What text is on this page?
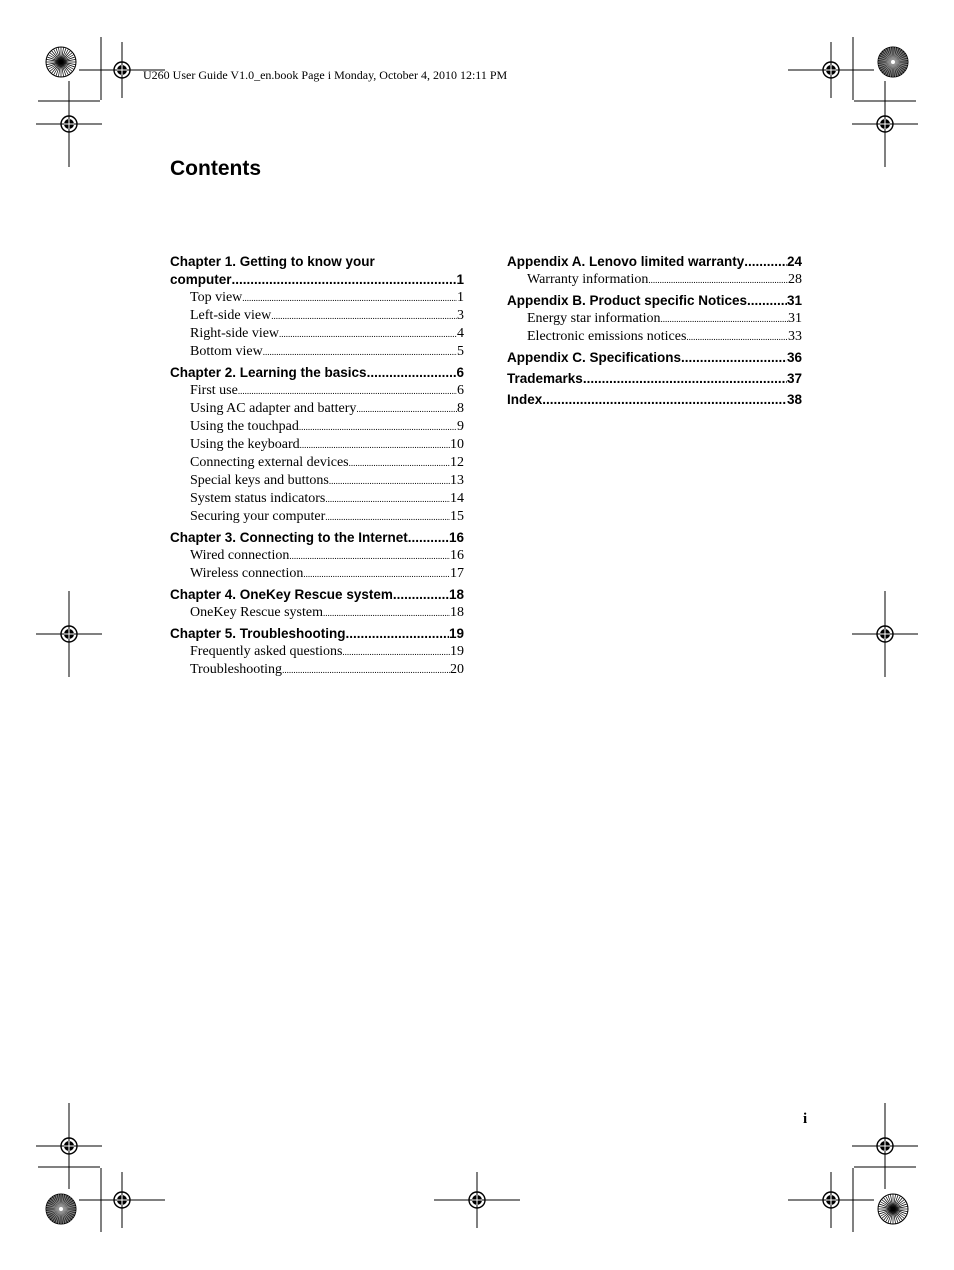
U260 User Guide V1.0_en.book Page i Monday, October 4, 2010 12:11 PM
Contents
Chapter 1. Getting to know your
computer .....	1
Top view .....	1
Left-side view .....	3
Right-side view .....	4
Bottom view .....	5
Chapter 2. Learning the basics .....	6
First use .....	6
Using AC adapter and battery .....	8
Using the touchpad .....	9
Using the keyboard .....	10
Connecting external devices .....	12
Special keys and buttons .....	13
System status indicators .....	14
Securing your computer .....	15
Chapter 3. Connecting to the Internet .....	16
Wired connection .....	16
Wireless connection .....	17
Chapter 4. OneKey Rescue system .....	18
OneKey Rescue system .....	18
Chapter 5. Troubleshooting .....	19
Frequently asked questions .....	19
Troubleshooting .....	20
Appendix A. Lenovo limited warranty .....	24
Warranty information .....	28
Appendix B. Product specific Notices .....	31
Energy star information .....	31
Electronic emissions notices .....	33
Appendix C. Specifications .....	36
Trademarks .....	37
Index .....	38
i
